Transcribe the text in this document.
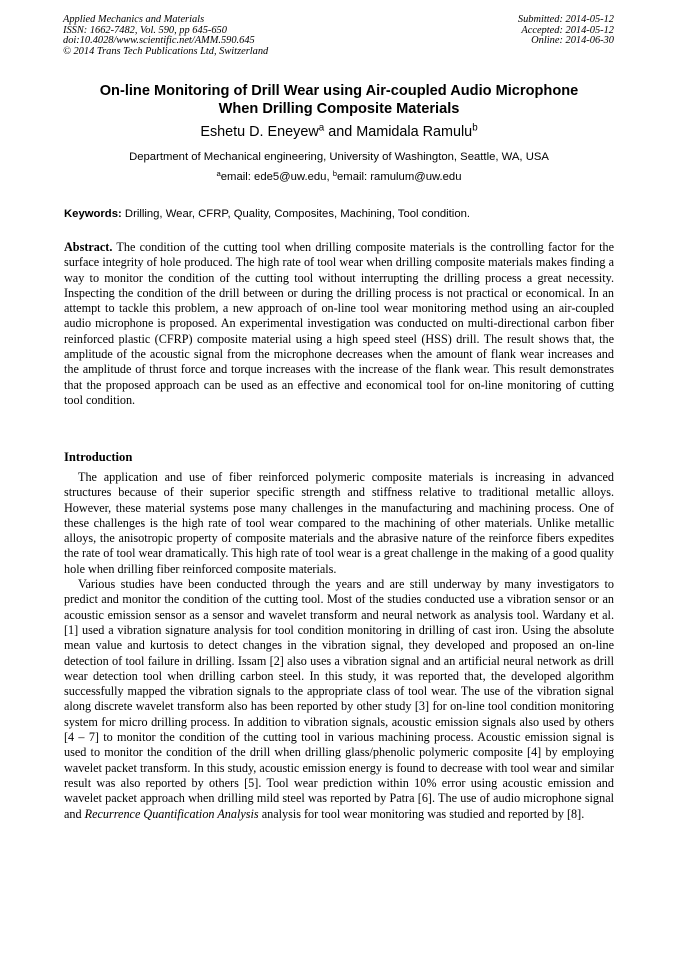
Applied Mechanics and Materials
ISSN: 1662-7482, Vol. 590, pp 645-650
doi:10.4028/www.scientific.net/AMM.590.645
© 2014 Trans Tech Publications Ltd, Switzerland
Submitted: 2014-05-12
Accepted: 2014-05-12
Online: 2014-06-30
On-line Monitoring of Drill Wear using Air-coupled Audio Microphone
When Drilling Composite Materials
Eshetu D. Eneyew$^a$ and Mamidala Ramulu$^b$
Department of Mechanical engineering, University of Washington, Seattle, WA, USA
$^a$email: ede5@uw.edu, $^b$email: ramulum@uw.edu
Keywords: Drilling, Wear, CFRP, Quality, Composites, Machining, Tool condition.
Abstract. The condition of the cutting tool when drilling composite materials is the controlling factor for the surface integrity of hole produced. The high rate of tool wear when drilling composite materials makes finding a way to monitor the condition of the cutting tool without interrupting the drilling process a great necessity. Inspecting the condition of the drill between or during the drilling process is not practical or economical. In an attempt to tackle this problem, a new approach of on-line tool wear monitoring method using an air-coupled audio microphone is proposed. An experimental investigation was conducted on multi-directional carbon fiber reinforced plastic (CFRP) composite material using a high speed steel (HSS) drill. The result shows that, the amplitude of the acoustic signal from the microphone decreases when the amount of flank wear increases and the amplitude of thrust force and torque increases with the increase of the flank wear. This result demonstrates that the proposed approach can be used as an effective and economical tool for on-line monitoring of cutting tool condition.
Introduction

The application and use of fiber reinforced polymeric composite materials is increasing in advanced structures because of their superior specific strength and stiffness relative to traditional metallic alloys. However, these material systems pose many challenges in the manufacturing and machining process. One of these challenges is the high rate of tool wear compared to the machining of other materials. Unlike metallic alloys, the anisotropic property of composite materials and the abrasive nature of the reinforce fibers expedites the rate of tool wear dramatically. This high rate of tool wear is a great challenge in the making of a good quality hole when drilling fiber reinforced composite materials.

Various studies have been conducted through the years and are still underway by many investigators to predict and monitor the condition of the cutting tool. Most of the studies conducted use a vibration sensor or an acoustic emission sensor as a sensor and wavelet transform and neural network as analysis tool. Wardany et al. [1] used a vibration signature analysis for tool condition monitoring in drilling of cast iron. Using the absolute mean value and kurtosis to detect changes in the vibration signal, they developed and proposed an on-line detection of tool failure in drilling. Issam [2] also uses a vibration signal and an artificial neural network as drill wear detection tool when drilling carbon steel. In this study, it was reported that, the developed algorithm successfully mapped the vibration signals to the appropriate class of tool wear. The use of the vibration signal along discrete wavelet transform also has been reported by other study [3] for on-line tool condition monitoring system for micro drilling process. In addition to vibration signals, acoustic emission signals also used by others [4 – 7] to monitor the condition of the cutting tool in various machining process. Acoustic emission signal is used to monitor the condition of the drill when drilling glass/phenolic polymeric composite [4] by employing wavelet packet transform. In this study, acoustic emission energy is found to decrease with tool wear and similar result was also reported by others [5]. Tool wear prediction within 10% error using acoustic emission and wavelet packet approach when drilling mild steel was reported by Patra [6]. The use of audio microphone signal and Recurrence Quantification Analysis analysis for tool wear monitoring was studied and reported by [8].
